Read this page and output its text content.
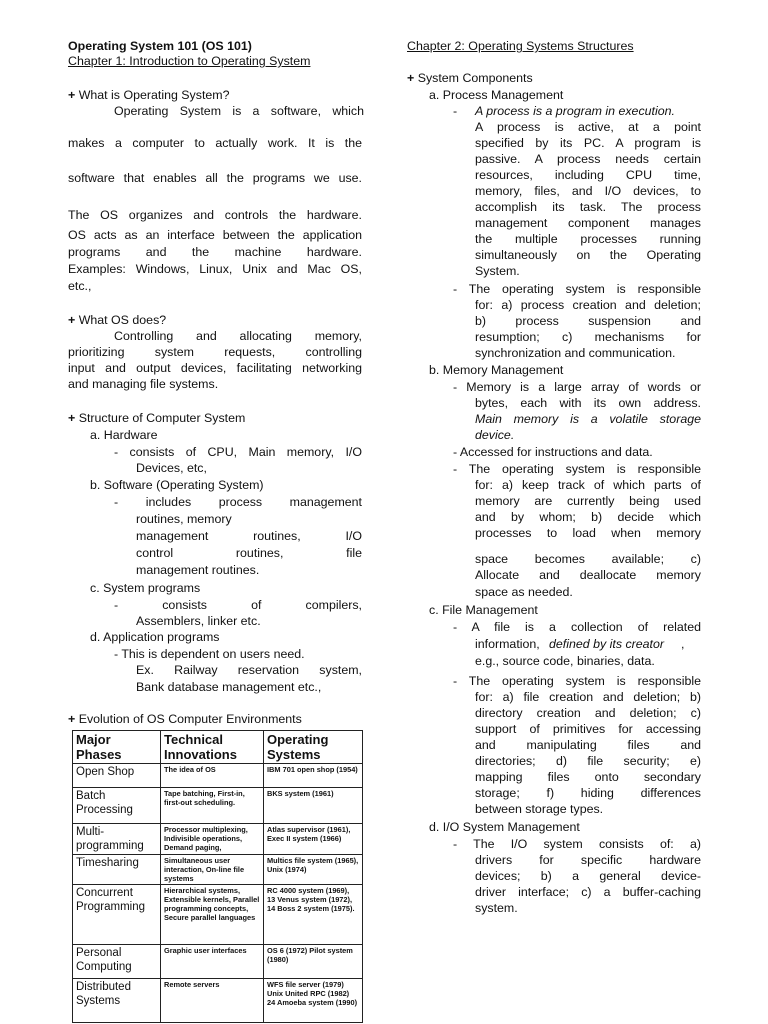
Operating System 101 (OS 101)
Chapter 1: Introduction to Operating System
+ What is Operating System?
Operating System is a software, which
makes a computer to actually work. It is the
software that enables all the programs we use.
The OS organizes and controls the hardware.
OS acts as an interface between the application
programs and the machine hardware.
Examples: Windows, Linux, Unix and Mac OS,
etc.,
+ What OS does?
Controlling and allocating memory,
prioritizing system requests, controlling
input and output devices, facilitating networking
and managing file systems.
+ Structure of Computer System
a. Hardware
- consists of CPU, Main memory, I/O
Devices, etc,
b. Software (Operating System)
- includes process management
routines, memory
management routines, I/O
control routines, file
management routines.
c. System programs
- consists of compilers,
Assemblers, linker etc.
d. Application programs
- This is dependent on users need.
Ex. Railway reservation system,
Bank database management etc.,
+ Evolution of OS Computer Environments
Chapter 2: Operating Systems Structures
+ System Components
a. Process Management
- A process is a program in execution.
A process is active, at a point
specified by its PC. A program is
passive. A process needs certain
resources, including CPU time,
memory, files, and I/O devices, to
accomplish its task. The process
management component manages
the multiple processes running
simultaneously on the Operating
System.
- The operating system is responsible
for: a) process creation and deletion;
b) process suspension and
resumption; c) mechanisms for
synchronization and communication.
b. Memory Management
- Memory is a large array of words or
bytes, each with its own address.
Main memory is a volatile storage
device.
- Accessed for instructions and data.
- The operating system is responsible
for: a) keep track of which parts of
memory are currently being used
and by whom; b) decide which
processes to load when memory
space becomes available; c)
Allocate and deallocate memory
space as needed.
c. File Management
- A file is a collection of related
information, defined by its creator ,
e.g., source code, binaries, data.
- The operating system is responsible
for: a) file creation and deletion; b)
directory creation and deletion; c)
support of primitives for accessing
and manipulating files and
directories; d) file security; e)
mapping files onto secondary
storage; f) hiding differences
between storage types.
d. I/O System Management
- The I/O system consists of: a)
drivers for specific hardware
devices; b) a general device-
driver interface; c) a buffer-caching
system.
Major Phases	Technical Innovations	Operating Systems
Open Shop	The idea of OS	IBM 701 open shop (1954)
Batch Processing	Tape batching, First-in, first-out scheduling.	BKS system (1961)
Multi-programming	Processor multiplexing, Indivisible operations, Demand paging,	Atlas supervisor (1961), Exec II system (1966)
Timesharing	Simultaneous user interaction, On-line file systems	Multics file system (1965), Unix (1974)
Concurrent Programming	Hierarchical systems, Extensible kernels, Parallel programming concepts, Secure parallel languages	RC 4000 system (1969), 13 Venus system (1972), 14 Boss 2 system (1975).
Personal Computing	Graphic user interfaces	OS 6 (1972) Pilot system (1980)
Distributed Systems	Remote servers	WFS file server (1979) Unix United RPC (1982) 24 Amoeba system (1990)
